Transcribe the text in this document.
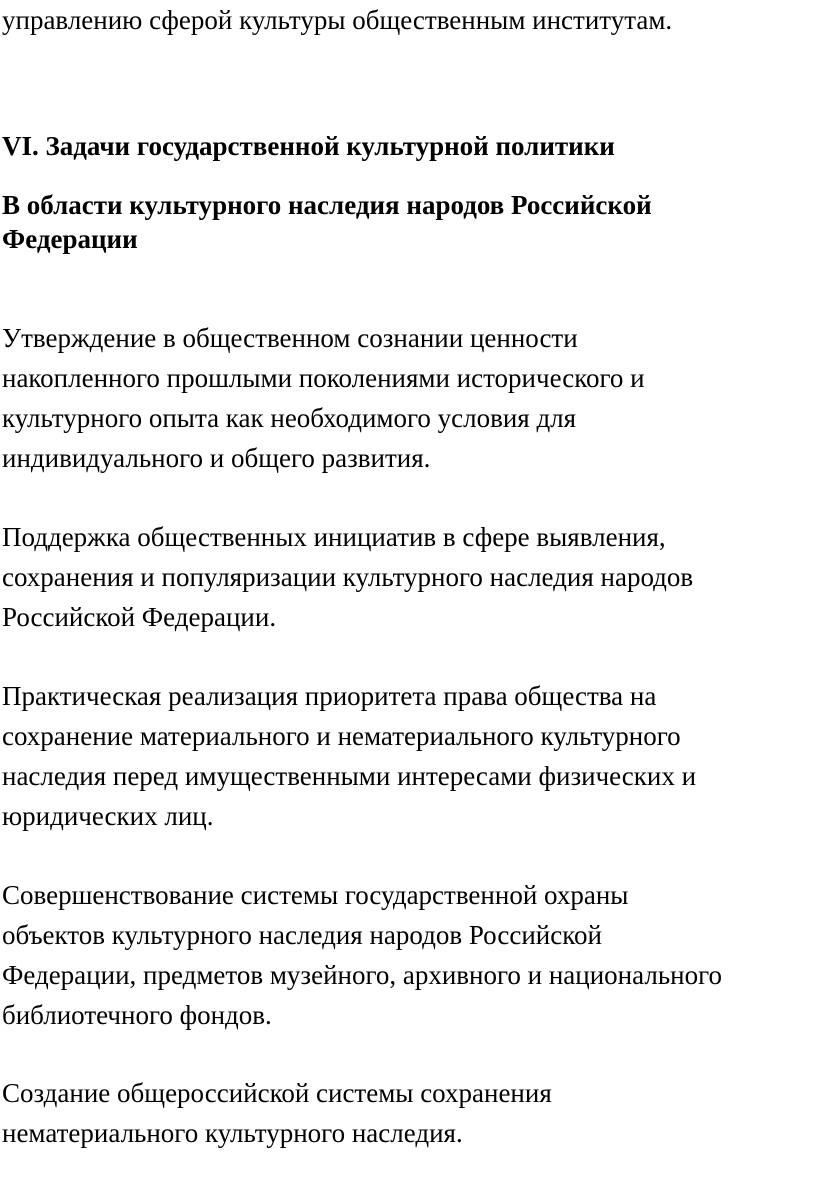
управлению сферой культуры общественным институтам.

VI. Задачи государственной культурной политики
В области культурного наследия народов Российской
Федерации
Утверждение в общественном сознании ценности
накопленного прошлыми поколениями исторического и
культурного опыта как необходимого условия для
индивидуального и общего развития.
Поддержка общественных инициатив в сфере выявления,
сохранения и популяризации культурного наследия народов
Российской Федерации.
Практическая реализация приоритета права общества на
сохранение материального и нематериального культурного
наследия перед имущественными интересами физических и
юридических лиц.
Совершенствование системы государственной охраны
объектов культурного наследия народов Российской
Федерации, предметов музейного, архивного и национального
библиотечного фондов.
Создание общероссийской системы сохранения
нематериального культурного наследия.
